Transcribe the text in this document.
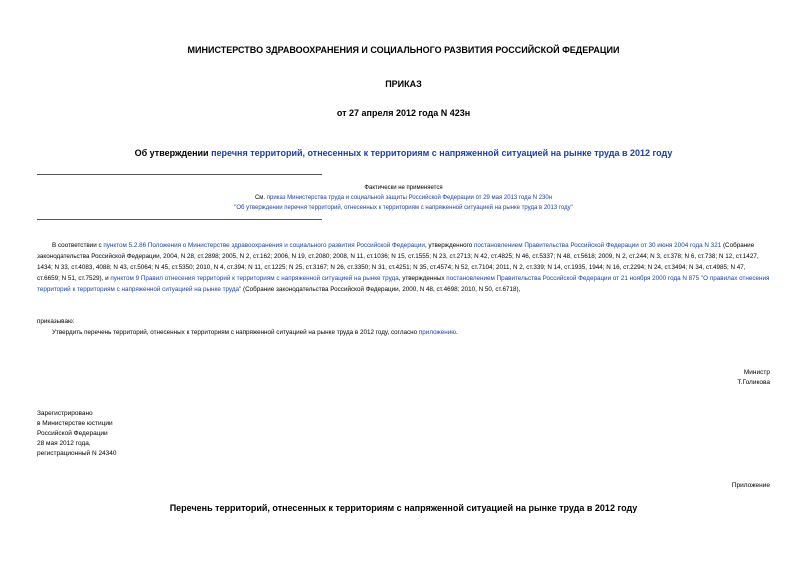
МИНИСТЕРСТВО ЗДРАВООХРАНЕНИЯ И СОЦИАЛЬНОГО РАЗВИТИЯ РОССИЙСКОЙ ФЕДЕРАЦИИ
ПРИКАЗ
от 27 апреля 2012 года N 423н
Об утверждении перечня территорий, отнесенных к территориям с напряженной ситуацией на рынке труда в 2012 году
Фактически не применяется
См. приказ Министерства труда и социальной защиты Российской Федерации от 29 мая 2013 года N 230н
"Об утверждении перечня территорий, отнесенных к территориям с напряженной ситуацией на рынке труда в 2013 году"

В соответствии с пунктом 5.2.86 Положения о Министерстве здравоохранения и социального развития Российской Федерации, утвержденного постановлением Правительства Российской Федерации от 30 июня 2004 года N 321 (Собрание законодательства Российской Федерации, 2004, N 28, ст.2898; 2005, N 2, ст.162; 2006, N 19, ст.2080; 2008, N 11, ст.1036; N 15, ст.1555; N 23, ст.2713; N 42, ст.4825; N 46, ст.5337; N 48, ст.5618; 2009, N 2, ст.244; N 3, ст.378; N 6, ст.738; N 12, ст.1427, 1434; N 33, ст.4083, 4088; N 43, ст.5064; N 45, ст.5350; 2010, N 4, ст.394; N 11, ст.1225; N 25, ст.3167; N 26, ст.3350; N 31, ст.4251; N 35, ст.4574; N 52, ст.7104; 2011, N 2, ст.339; N 14, ст.1935, 1944; N 16, ст.2294; N 24, ст.3494; N 34, ст.4985; N 47, ст.6659; N 51, ст.7529), и пунктом 9 Правил отнесения территорий к территориям с напряженной ситуацией на рынке труда, утвержденных постановлением Правительства Российской Федерации от 21 ноября 2000 года N 875 "О правилах отнесения территорий к территориям с напряженной ситуацией на рынке труда" (Собрание законодательства Российской Федерации, 2000, N 48, ст.4698; 2010, N 50, ст.6718),

приказываю:

Утвердить перечень территорий, отнесенных к территориям с напряженной ситуацией на рынке труда в 2012 году, согласно приложению.

Министр
Т.Голикова
Зарегистрировано
в Министерстве юстиции
Российской Федерации
28 мая 2012 года,
регистрационный N 24340
Приложение
Перечень территорий, отнесенных к территориям с напряженной ситуацией на рынке труда в 2012 году
